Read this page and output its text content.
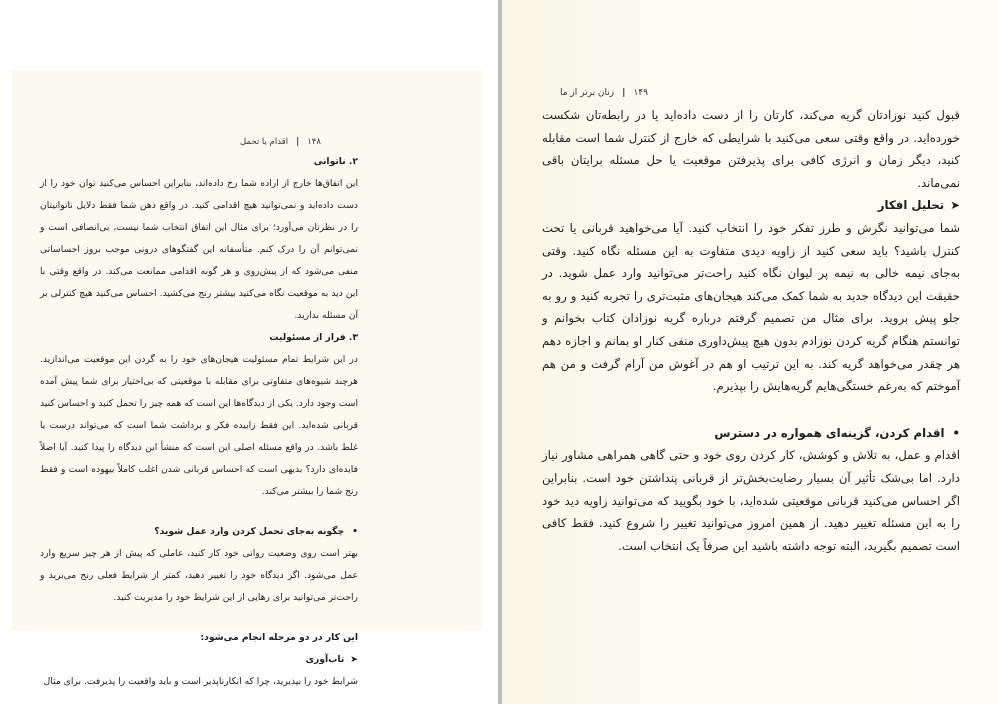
۱۴۸
|
اقدام یا تحمل
۲. ناتوانی

این اتفاق‌ها خارج از اراده شما رخ داده‌اند، بنابراین احساس می‌کنید توان خود را از دست داده‌اید و نمی‌توانید هیچ اقدامی کنید. در واقع ذهن شما فقط دلایل ناتوانیتان را در نظرتان می‌آورد؛ برای مثال این اتفاق انتخاب شما نیست، بی‌انصافی است و نمی‌توانم آن را درک کنم. متأسفانه این گفتگوهای درونی موجب بروز احساساتی منفی می‌شود که از پیش‌روی و هر گونه اقدامی ممانعت می‌کند. در واقع وقتی با این دید به موقعیت نگاه می‌کنید بیشتر رنج می‌کشید. احساس می‌کنید هیچ کنترلی بر آن مسئله ندارید.

۳. فرار از مسئولیت

در این شرایط تمام مسئولیت هیجان‌های خود را به گردن این موقعیت می‌اندازید. هرچند شیوه‌های متفاوتی برای مقابله با موقعیتی که بی‌اختیار برای شما پیش آمده است وجود دارد. یکی از دیدگاه‌ها این است که همه چیز را تحمل کنید و احساس کنید قربانی شده‌اید. این فقط زاییده فکر و برداشت شما است که می‌تواند درست یا غلط باشد. در واقع مسئله اصلی این است که منشأ این دیدگاه را پیدا کنید. آیا اصلاً فایده‌ای دارد؟ بدیهی است که احساس قربانی شدن اغلب کاملاً بیهوده است و فقط رنج شما را بیشتر می‌کند.

•چگونه به‌جای تحمل کردن وارد عمل شوید؟

بهتر است روی وضعیت روانی خود کار کنید، عاملی که پیش از هر چیز سریع وارد عمل می‌شود. اگر دیدگاه خود را تغییر دهید، کمتر از شرایط فعلی رنج می‌برید و راحت‌تر می‌توانید برای رهایی از این شرایط خود را مدیریت کنید.

این کار در دو مرحله انجام می‌شود:
➤تاب‌آوری

شرایط خود را بپذیرید، چرا که انکارناپذیر است و باید واقعیت را پذیرفت. برای مثال

۱۴۹
|
زنان برتر از ما

قبول کنید نوزادتان گریه می‌کند، کارتان را از دست داده‌اید یا در رابطه‌تان شکست خورده‌اید. در واقع وقتی سعی می‌کنید با شرایطی که خارج از کنترل شما است مقابله کنید، دیگر زمان و انرژی کافی برای پذیرفتن موقعیت یا حل مسئله برایتان باقی نمی‌ماند.

➤تحلیل افکار

شما می‌توانید نگرش و طرز تفکر خود را انتخاب کنید. آیا می‌خواهید قربانی یا تحت کنترل باشید؟ باید سعی کنید از زاویه دیدی متفاوت به این مسئله نگاه کنید. وقتی به‌جای نیمه خالی به نیمه پر لیوان نگاه کنید راحت‌تر می‌توانید وارد عمل شوید. در حقیقت این دیدگاه جدید به شما کمک می‌کند هیجان‌های مثبت‌تری را تجربه کنید و رو به جلو پیش بروید. برای مثال من تصمیم گرفتم درباره گریه نوزادان کتاب بخوانم و توانستم هنگام گریه کردن نوزادم بدون هیچ پیش‌داوری منفی کنار او بمانم و اجازه دهم هر چقدر می‌خواهد گریه کند. به این ترتیب او هم در آغوش من آرام گرفت و من هم آموختم که به‌رغم خستگی‌هایم گریه‌هایش را بپذیرم.

•اقدام کردن، گزینه‌ای همواره در دسترس

اقدام و عمل، به تلاش و کوشش، کار کردن روی خود و حتی گاهی همراهی مشاور نیاز دارد. اما بی‌شک تأثیر آن بسیار رضایت‌بخش‌تر از قربانی پنداشتن خود است. بنابراین اگر احساس می‌کنید قربانی موقعیتی شده‌اید، با خود بگویید که می‌توانید زاویه دید خود را به این مسئله تغییر دهید. از همین امروز می‌توانید تغییر را شروع کنید. فقط کافی است تصمیم بگیرید، البته توجه داشته باشید این صرفاً یک انتخاب است.
